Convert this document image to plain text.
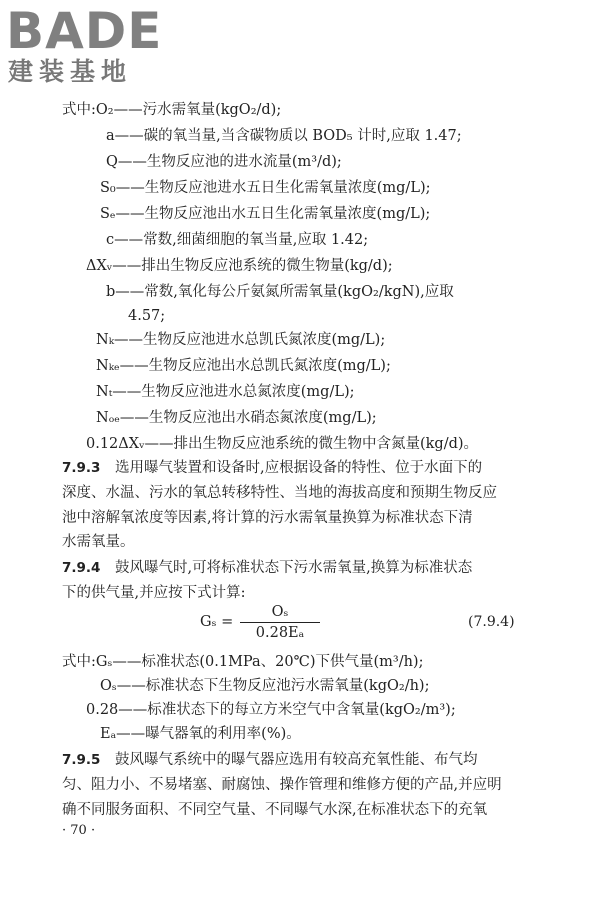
BADE
建装基地
式中:O₂——污水需氧量(kgO₂/d);
a——碳的氧当量,当含碳物质以 BOD₅ 计时,应取 1.47;
Q——生物反应池的进水流量(m³/d);
S₀——生物反应池进水五日生化需氧量浓度(mg/L);
Sₑ——生物反应池出水五日生化需氧量浓度(mg/L);
c——常数,细菌细胞的氧当量,应取 1.42;
ΔXᵥ——排出生物反应池系统的微生物量(kg/d);
b——常数,氧化每公斤氨氮所需氧量(kgO₂/kgN),应取
4.57;
Nₖ——生物反应池进水总凯氏氮浓度(mg/L);
Nₖₑ——生物反应池出水总凯氏氮浓度(mg/L);
Nₜ——生物反应池进水总氮浓度(mg/L);
Nₒₑ——生物反应池出水硝态氮浓度(mg/L);
0.12ΔXᵥ——排出生物反应池系统的微生物中含氮量(kg/d)。
7.9.3 选用曝气装置和设备时,应根据设备的特性、位于水面下的
深度、水温、污水的氧总转移特性、当地的海拔高度和预期生物反应
池中溶解氧浓度等因素,将计算的污水需氧量换算为标准状态下清
水需氧量。
7.9.4 鼓风曝气时,可将标准状态下污水需氧量,换算为标准状态
下的供气量,并应按下式计算:
Gₛ =
Oₛ
0.28Eₐ
(7.9.4)
式中:Gₛ——标准状态(0.1MPa、20℃)下供气量(m³/h);
Oₛ——标准状态下生物反应池污水需氧量(kgO₂/h);
0.28——标准状态下的每立方米空气中含氧量(kgO₂/m³);
Eₐ——曝气器氧的利用率(%)。
7.9.5 鼓风曝气系统中的曝气器应选用有较高充氧性能、布气均
匀、阻力小、不易堵塞、耐腐蚀、操作管理和维修方便的产品,并应明
确不同服务面积、不同空气量、不同曝气水深,在标准状态下的充氧
· 70 ·
